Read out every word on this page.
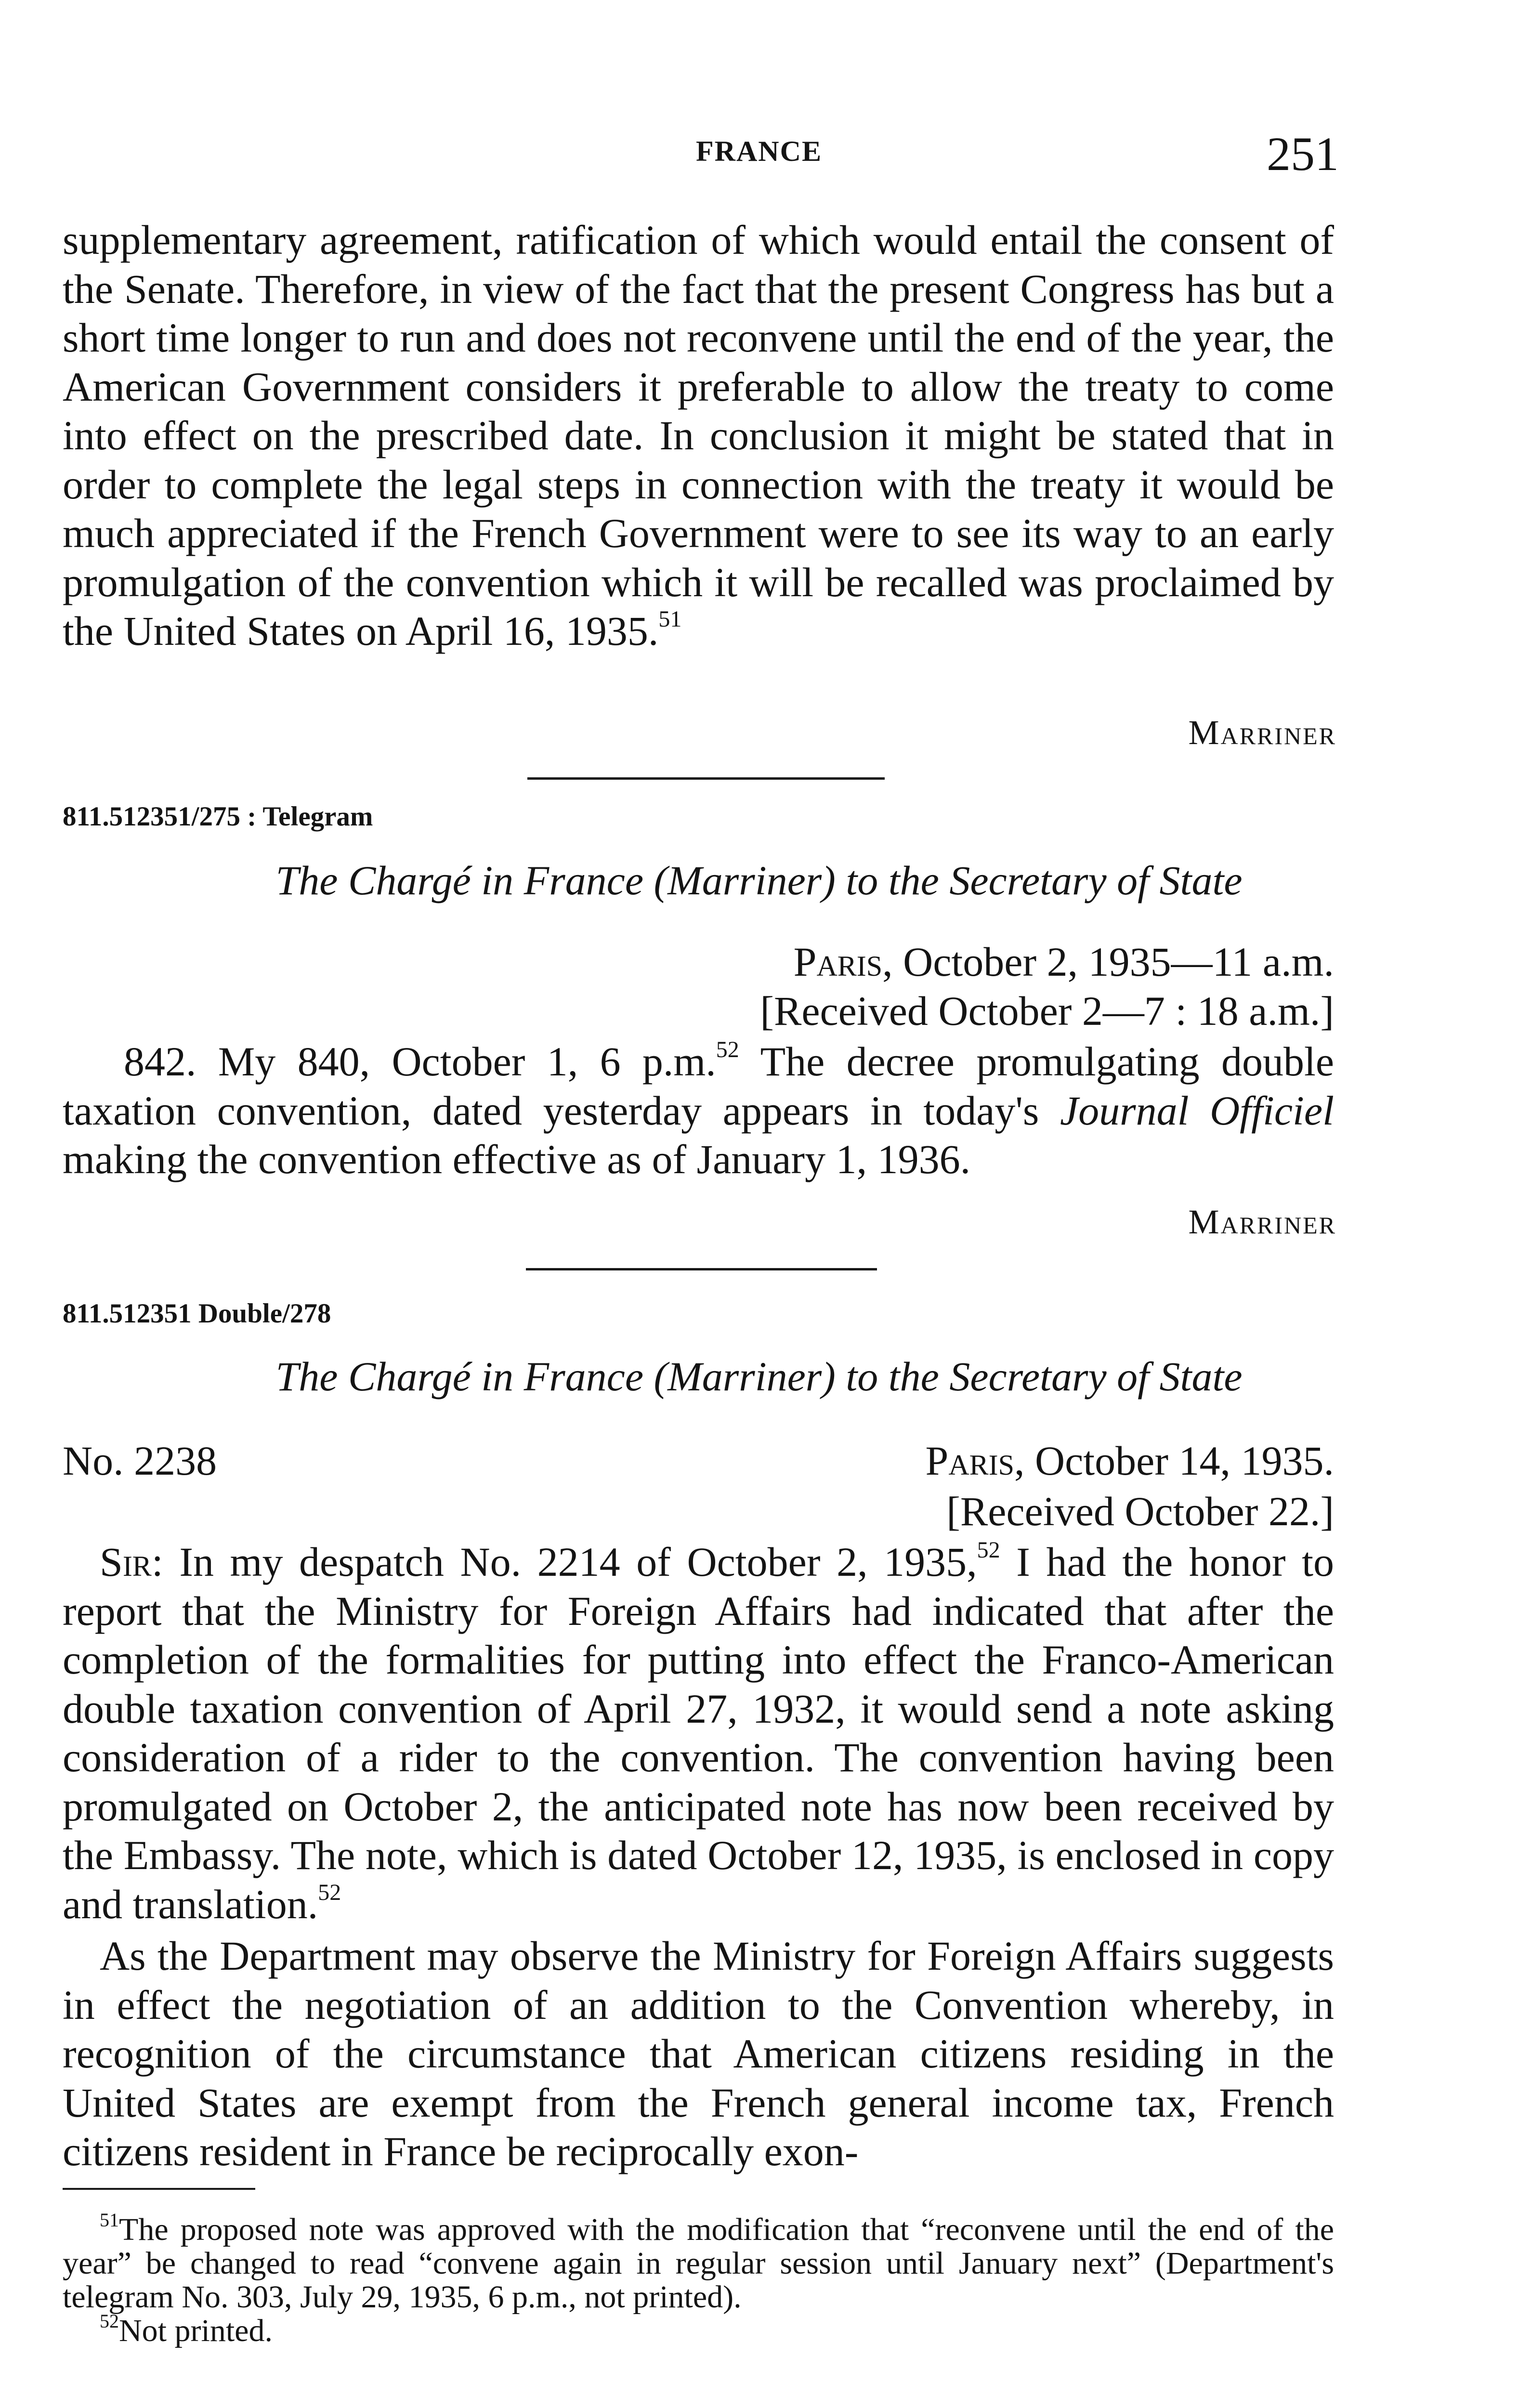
FRANCE	251
supplementary agreement, ratification of which would entail the consent of the Senate. Therefore, in view of the fact that the present Congress has but a short time longer to run and does not reconvene until the end of the year, the American Government considers it preferable to allow the treaty to come into effect on the prescribed date. In conclusion it might be stated that in order to complete the legal steps in connection with the treaty it would be much appreciated if the French Government were to see its way to an early promulgation of the convention which it will be recalled was proclaimed by the United States on April 16, 1935.51
Marriner
811.512351/275 : Telegram
The Chargé in France (Marriner) to the Secretary of State
Paris, October 2, 1935—11 a.m.
[Received October 2—7 : 18 a.m.]
842. My 840, October 1, 6 p.m.$^{52}$ The decree promulgating double taxation convention, dated yesterday appears in today's Journal Officiel making the convention effective as of January 1, 1936.
Marriner
811.512351 Double/278
The Chargé in France (Marriner) to the Secretary of State
No. 2238	Paris, October 14, 1935.
[Received October 22.]
Sir: In my despatch No. 2214 of October 2, 1935,52 I had the honor to report that the Ministry for Foreign Affairs had indicated that after the completion of the formalities for putting into effect the Franco-American double taxation convention of April 27, 1932, it would send a note asking consideration of a rider to the convention. The convention having been promulgated on October 2, the anticipated note has now been received by the Embassy. The note, which is dated October 12, 1935, is enclosed in copy and translation.$^{52}$
As the Department may observe the Ministry for Foreign Affairs suggests in effect the negotiation of an addition to the Convention whereby, in recognition of the circumstance that American citizens residing in the United States are exempt from the French general income tax, French citizens resident in France be reciprocally exon-
$^{51}$The proposed note was approved with the modification that “reconvene until the end of the year” be changed to read “convene again in regular session until January next” (Department's telegram No. 303, July 29, 1935, 6 p.m., not printed).
$^{52}$Not printed.
